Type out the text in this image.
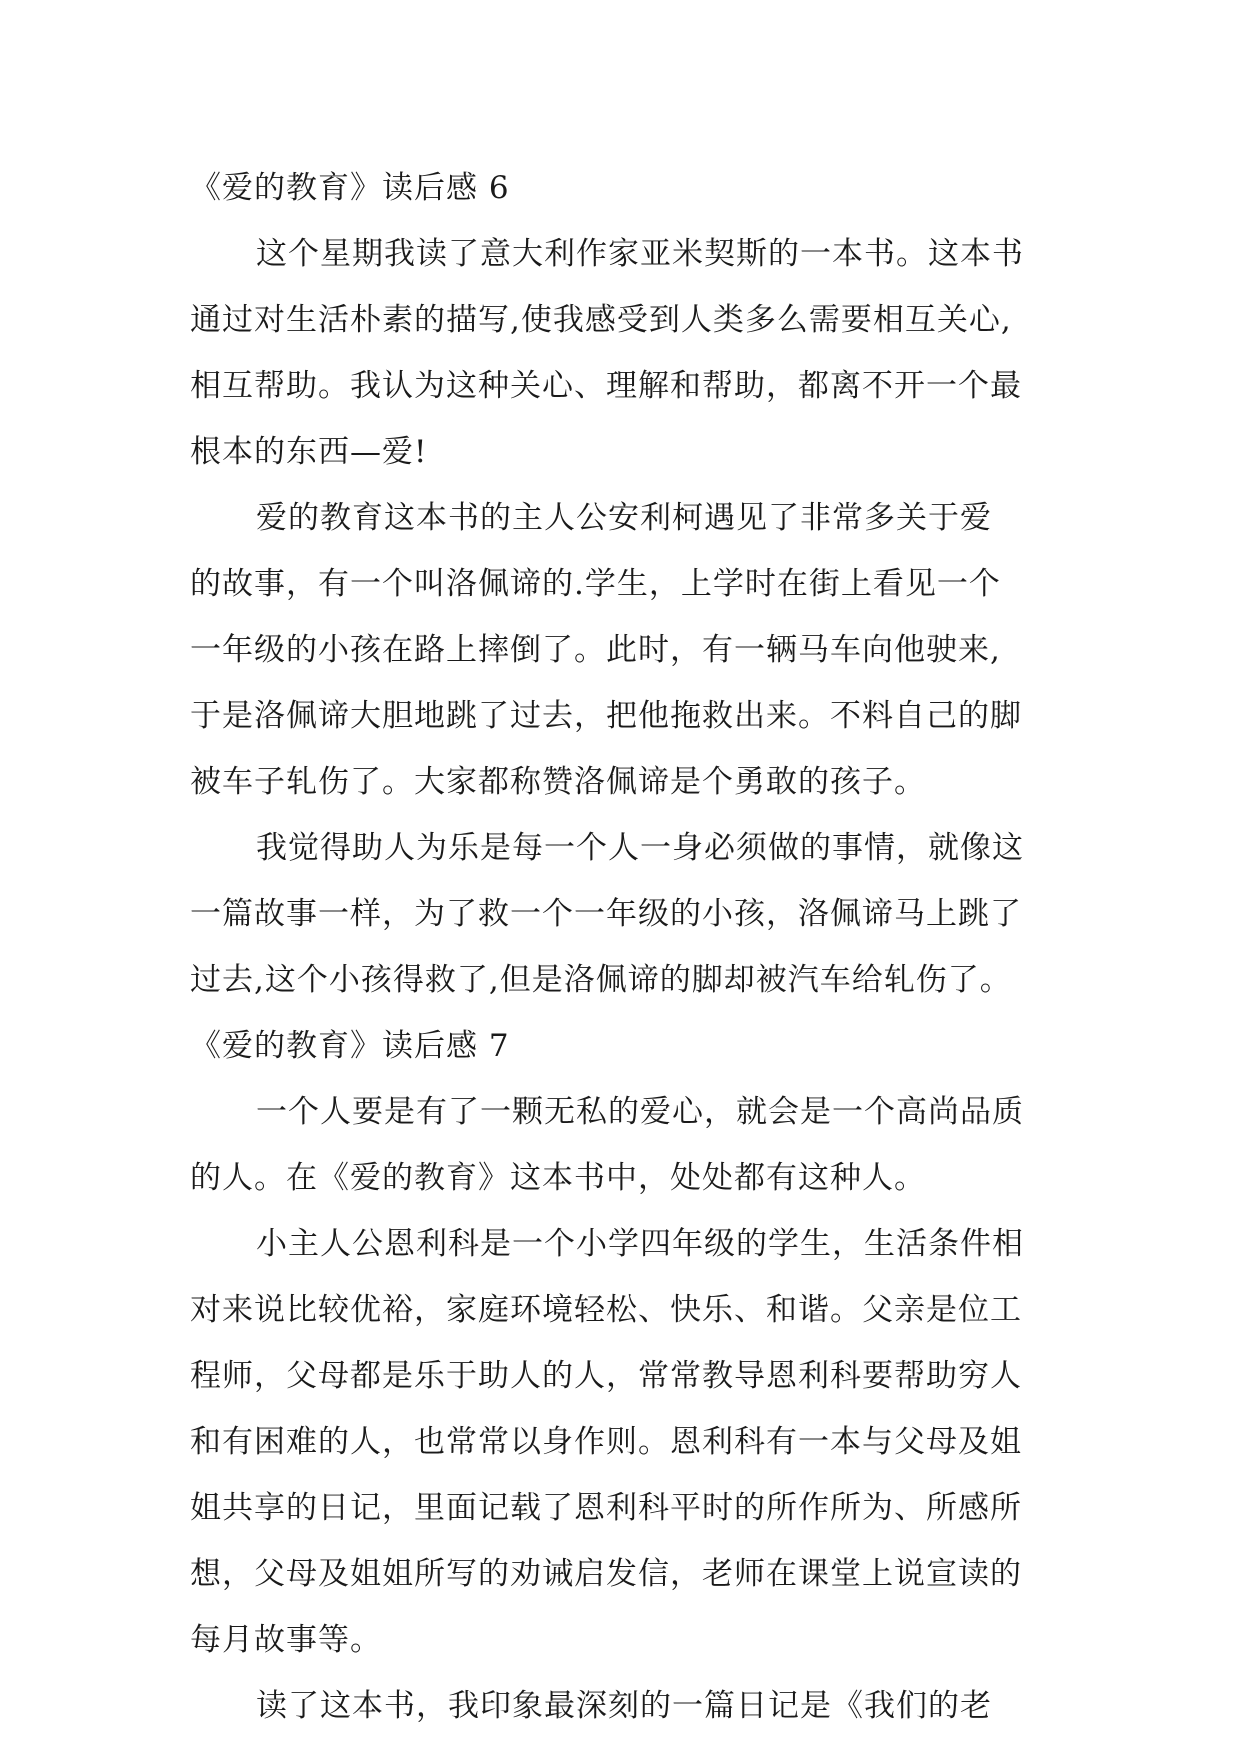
《爱的教育》读后感 6
这个星期我读了意大利作家亚米契斯的一本书。这本书
通过对生活朴素的描写,使我感受到人类多么需要相互关心,
相互帮助。我认为这种关心、理解和帮助，都离不开一个最
根本的东西—爱!
爱的教育这本书的主人公安利柯遇见了非常多关于爱
的故事，有一个叫洛佩谛的.学生，上学时在街上看见一个
一年级的小孩在路上摔倒了。此时，有一辆马车向他驶来,
于是洛佩谛大胆地跳了过去，把他拖救出来。不料自己的脚
被车子轧伤了。大家都称赞洛佩谛是个勇敢的孩子。
我觉得助人为乐是每一个人一身必须做的事情，就像这
一篇故事一样，为了救一个一年级的小孩，洛佩谛马上跳了
过去,这个小孩得救了,但是洛佩谛的脚却被汽车给轧伤了。
《爱的教育》读后感 7
一个人要是有了一颗无私的爱心，就会是一个高尚品质
的人。在《爱的教育》这本书中，处处都有这种人。
小主人公恩利科是一个小学四年级的学生，生活条件相
对来说比较优裕，家庭环境轻松、快乐、和谐。父亲是位工
程师，父母都是乐于助人的人，常常教导恩利科要帮助穷人
和有困难的人，也常常以身作则。恩利科有一本与父母及姐
姐共享的日记，里面记载了恩利科平时的所作所为、所感所
想，父母及姐姐所写的劝诫启发信，老师在课堂上说宣读的
每月故事等。
读了这本书，我印象最深刻的一篇日记是《我们的老
